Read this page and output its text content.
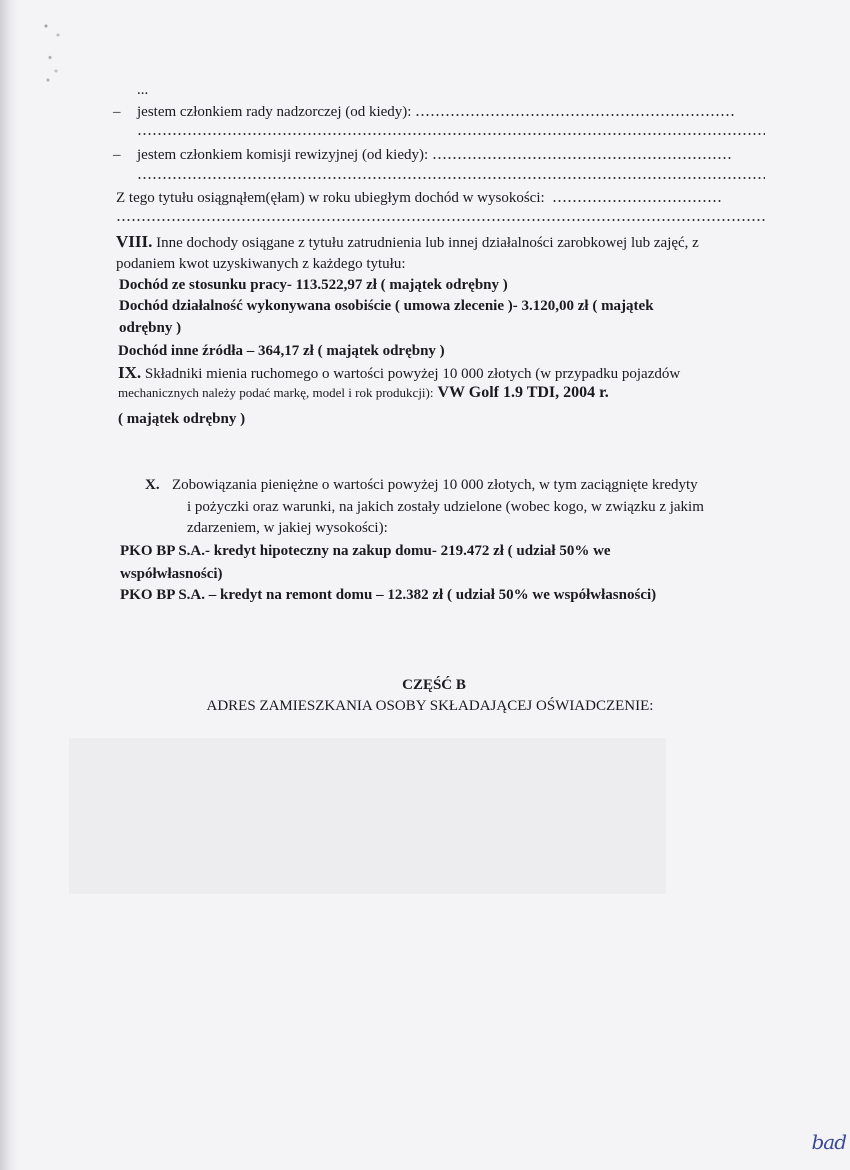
...
– jestem członkiem rady nadzorczej (od kiedy):
– jestem członkiem komisji rewizyjnej (od kiedy):
Z tego tytułu osiągnąłem(ęłam) w roku ubiegłym dochód w wysokości:
VIII. Inne dochody osiągane z tytułu zatrudnienia lub innej działalności zarobkowej lub zajęć, z
podaniem kwot uzyskiwanych z każdego tytułu:
Dochód ze stosunku pracy- 113.522,97 zł ( majątek odrębny )
Dochód działalność wykonywana osobiście ( umowa zlecenie )- 3.120,00 zł ( majątek
odrębny )
Dochód inne źródła – 364,17 zł ( majątek odrębny )
IX. Składniki mienia ruchomego o wartości powyżej 10 000 złotych (w przypadku pojazdów
mechanicznych należy podać markę, model i rok produkcji): VW Golf 1.9 TDI, 2004 r.
( majątek odrębny )
X. Zobowiązania pieniężne o wartości powyżej 10 000 złotych, w tym zaciągnięte kredyty
i pożyczki oraz warunki, na jakich zostały udzielone (wobec kogo, w związku z jakim
zdarzeniem, w jakiej wysokości):
PKO BP S.A.- kredyt hipoteczny na zakup domu- 219.472 zł ( udział 50% we
współwłasności)
PKO BP S.A. – kredyt na remont domu – 12.382 zł ( udział 50% we współwłasności)
CZĘŚĆ B
ADRES ZAMIESZKANIA OSOBY SKŁADAJĄCEJ OŚWIADCZENIE:
bad
